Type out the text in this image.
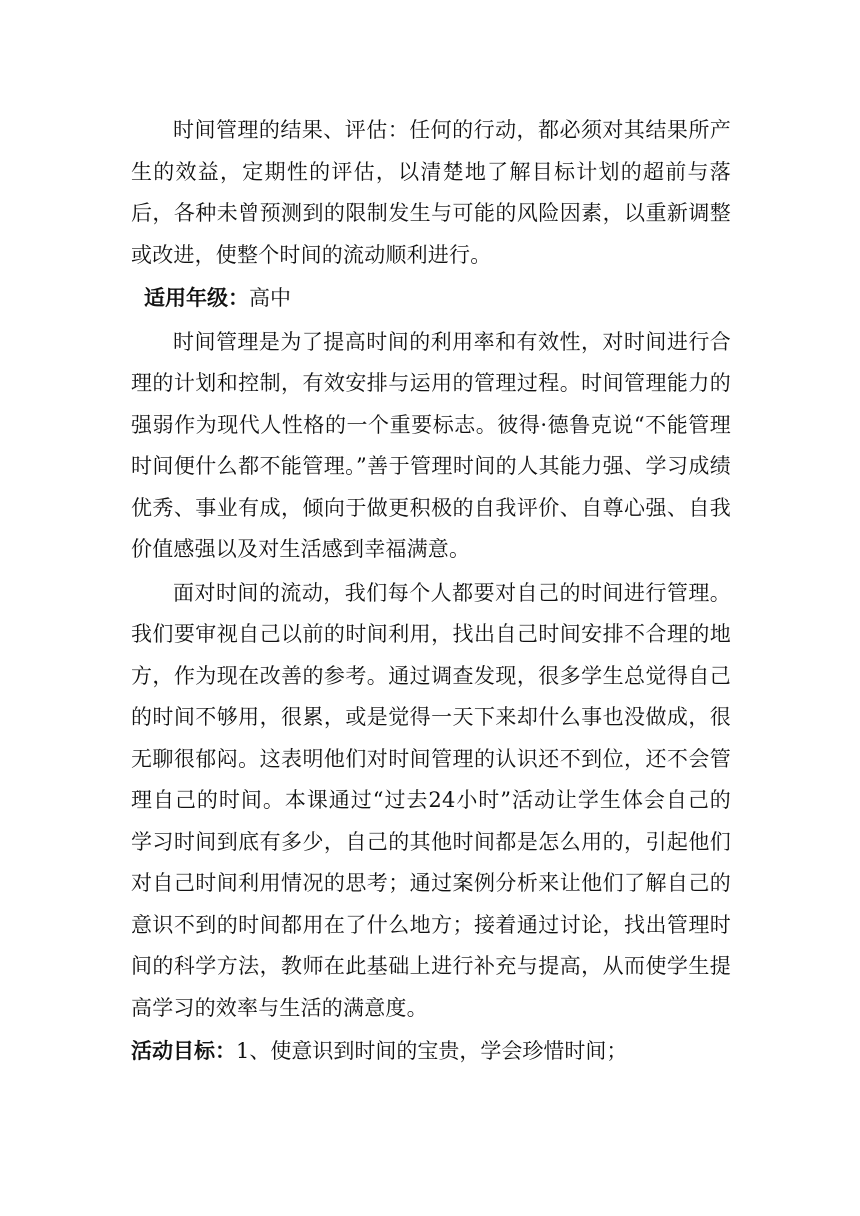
时间管理的结果、评估：任何的行动，都必须对其结果所产生的效益，定期性的评估，以清楚地了解目标计划的超前与落后，各种未曾预测到的限制发生与可能的风险因素，以重新调整或改进，使整个时间的流动顺利进行。

适用年级：高中

时间管理是为了提高时间的利用率和有效性，对时间进行合理的计划和控制，有效安排与运用的管理过程。时间管理能力的强弱作为现代人性格的一个重要标志。彼得·德鲁克说“不能管理时间便什么都不能管理。”善于管理时间的人其能力强、学习成绩优秀、事业有成，倾向于做更积极的自我评价、自尊心强、自我价值感强以及对生活感到幸福满意。

面对时间的流动，我们每个人都要对自己的时间进行管理。我们要审视自己以前的时间利用，找出自己时间安排不合理的地方，作为现在改善的参考。通过调查发现，很多学生总觉得自己的时间不够用，很累，或是觉得一天下来却什么事也没做成，很无聊很郁闷。这表明他们对时间管理的认识还不到位，还不会管理自己的时间。本课通过“过去24小时”活动让学生体会自己的学习时间到底有多少，自己的其他时间都是怎么用的，引起他们对自己时间利用情况的思考；通过案例分析来让他们了解自己的意识不到的时间都用在了什么地方；接着通过讨论，找出管理时间的科学方法，教师在此基础上进行补充与提高，从而使学生提高学习的效率与生活的满意度。

活动目标：1、使意识到时间的宝贵，学会珍惜时间；
